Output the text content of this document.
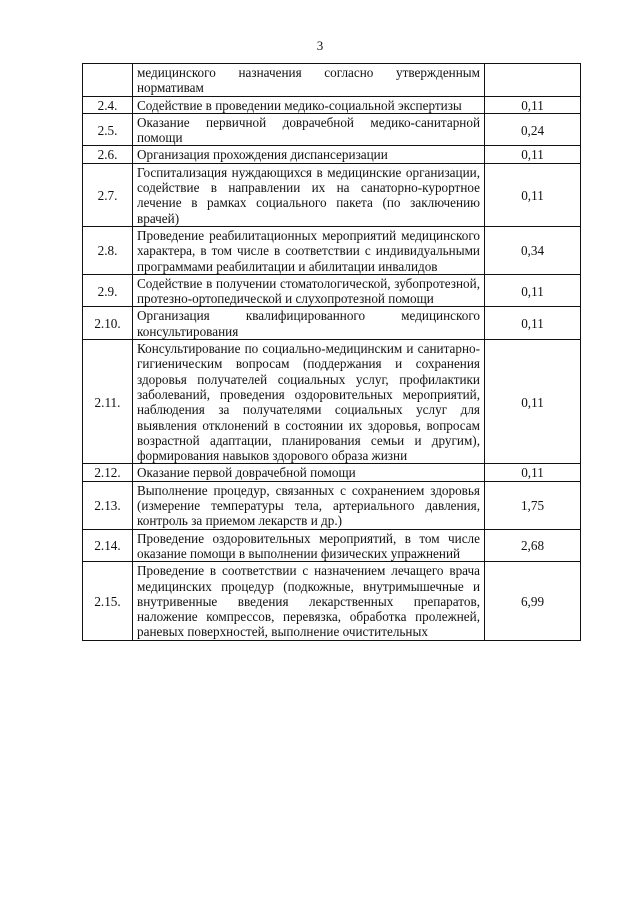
3
	медицинского назначения согласно утвержденным нормативам	
2.4.	Содействие в проведении медико-социальной экспертизы	0,11
2.5.	Оказание первичной доврачебной медико-санитарной помощи	0,24
2.6.	Организация прохождения диспансеризации	0,11
2.7.	Госпитализация нуждающихся в медицинские организации, содействие в направлении их на санаторно-курортное лечение в рамках социального пакета (по заключению врачей)	0,11
2.8.	Проведение реабилитационных мероприятий медицинского характера, в том числе в соответствии с индивидуальными программами реабилитации и абилитации инвалидов	0,34
2.9.	Содействие в получении стоматологической, зубопротезной, протезно-ортопедической и слухопротезной помощи	0,11
2.10.	Организация квалифицированного медицинского консультирования	0,11
2.11.	Консультирование по социально-медицинским и санитарно-гигиеническим вопросам (поддержания и сохранения здоровья получателей социальных услуг, профилактики заболеваний, проведения оздоровительных мероприятий, наблюдения за получателями социальных услуг для выявления отклонений в состоянии их здоровья, вопросам возрастной адаптации, планирования семьи и другим), формирования навыков здорового образа жизни	0,11
2.12.	Оказание первой доврачебной помощи	0,11
2.13.	Выполнение процедур, связанных с сохранением здоровья (измерение температуры тела, артериального давления, контроль за приемом лекарств и др.)	1,75
2.14.	Проведение оздоровительных мероприятий, в том числе оказание помощи в выполнении физических упражнений	2,68
2.15.	Проведение в соответствии с назначением лечащего врача медицинских процедур (подкожные, внутримышечные и внутривенные введения лекарственных препаратов, наложение компрессов, перевязка, обработка пролежней, раневых поверхностей, выполнение очистительных	6,99
